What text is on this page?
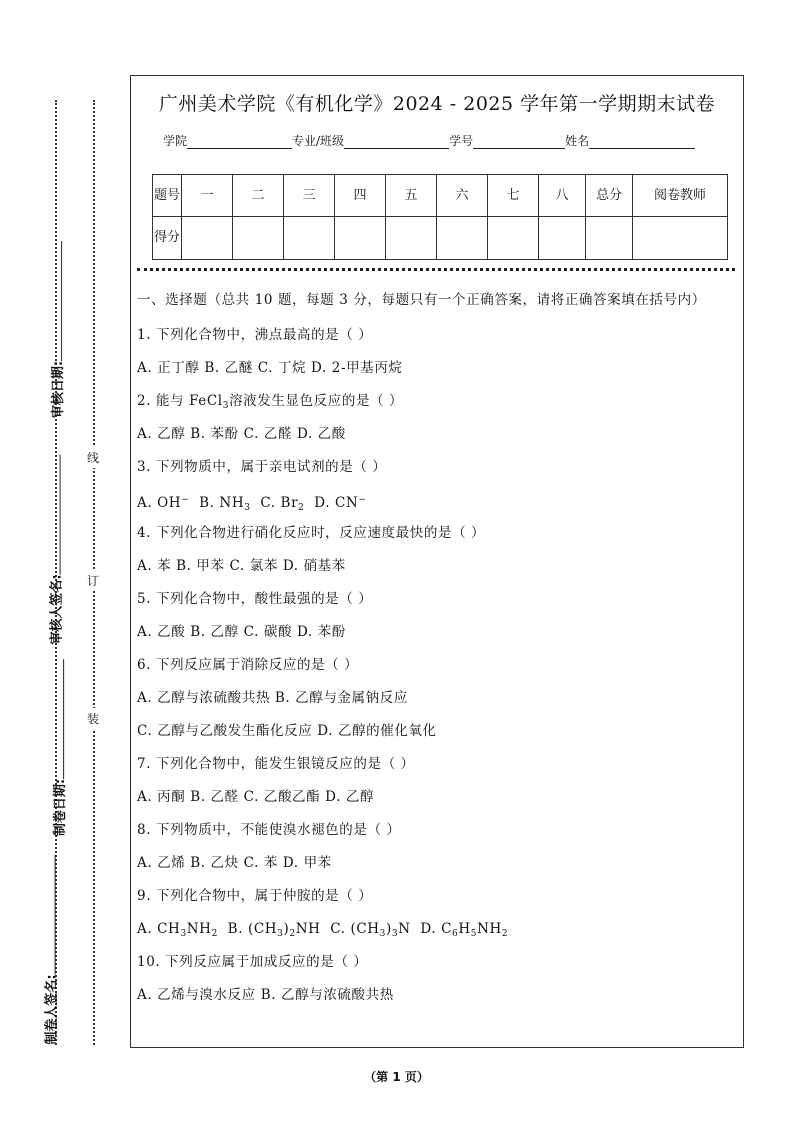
审核日期:
审核人签名:
制卷日期:
制卷人签名:
线
订
装
广州美术学院《有机化学》2024 - 2025 学年第一学期期末试卷
学院	专业/班级	学号	姓名
题号	一	二	三	四	五	六	七	八	总分	阅卷教师
得分										
一、选择题（总共 10 题，每题 3 分，每题只有一个正确答案，请将正确答案填在括号内）
1. 下列化合物中，沸点最高的是（ ）
A. 正丁醇 B. 乙醚 C. 丁烷 D. 2-甲基丙烷
2. 能与 FeCl$_3$溶液发生显色反应的是（ ）
A. 乙醇 B. 苯酚 C. 乙醛 D. 乙酸
3. 下列物质中，属于亲电试剂的是（ ）
A. OH−  B. $NH_3$  C. $Br_2$  D. CN−
4. 下列化合物进行硝化反应时，反应速度最快的是（ ）
A. 苯 B. 甲苯 C. 氯苯 D. 硝基苯
5. 下列化合物中，酸性最强的是（ ）
A. 乙酸 B. 乙醇 C. 碳酸 D. 苯酚
6. 下列反应属于消除反应的是（ ）
A. 乙醇与浓硫酸共热 B. 乙醇与金属钠反应
C. 乙醇与乙酸发生酯化反应 D. 乙醇的催化氧化
7. 下列化合物中，能发生银镜反应的是（ ）
A. 丙酮 B. 乙醛 C. 乙酸乙酯 D. 乙醇
8. 下列物质中，不能使溴水褪色的是（ ）
A. 乙烯 B. 乙炔 C. 苯 D. 甲苯
9. 下列化合物中，属于仲胺的是（ ）
A. $CH_3NH_2$  B. $(CH_3)_2NH$  C. $(CH_3)_3N$  D. $C_6H_5NH_2$
10. 下列反应属于加成反应的是（ ）
A. 乙烯与溴水反应 B. 乙醇与浓硫酸共热
（第 1 页）
